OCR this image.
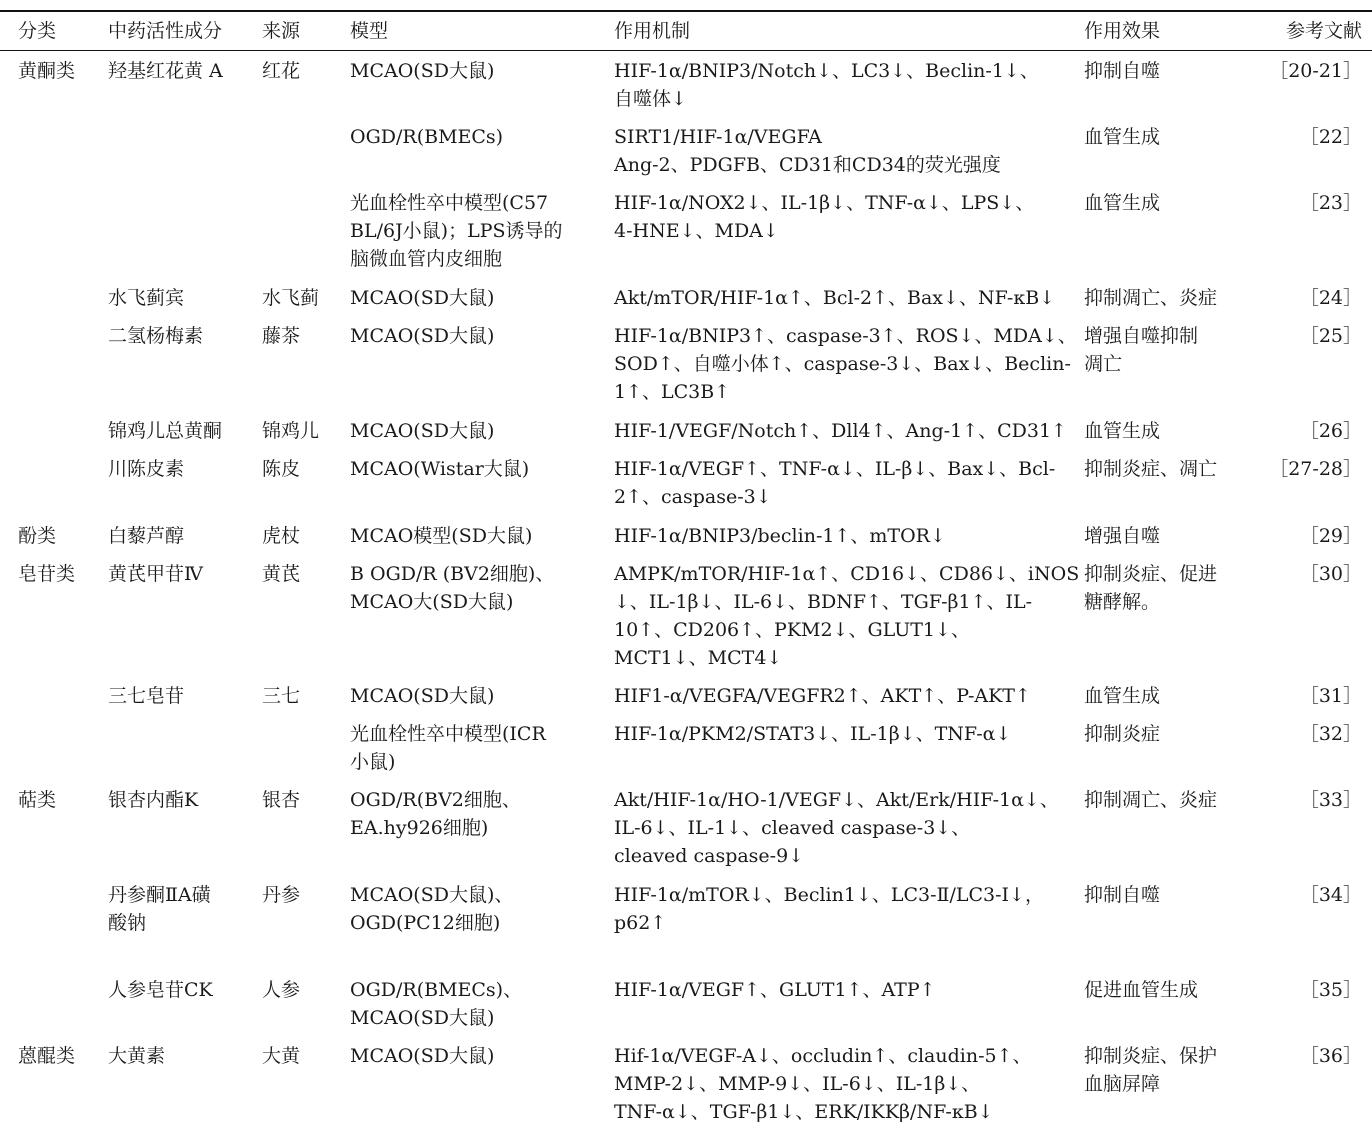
分类	中药活性成分	来源	模型	作用机制	作用效果	参考文献

黄酮类	羟基红花黄 A	红花	MCAO(SD大鼠)	HIF-1α/BNIP3/Notch↓、LC3↓、Beclin-1↓、
自噬体↓	抑制自噬	［20-21］

			OGD/R(BMECs)	SIRT1/HIF-1α/VEGFA
Ang-2、PDGFB、CD31和CD34的荧光强度	血管生成	［22］

			光血栓性卒中模型(C57
BL/6J小鼠)；LPS诱导的
脑微血管内皮细胞	HIF-1α/NOX2↓、IL-1β↓、TNF-α↓、LPS↓、
4-HNE↓、MDA↓	血管生成	［23］

	水飞蓟宾	水飞蓟	MCAO(SD大鼠)	Akt/mTOR/HIF-1α↑、Bcl-2↑、Bax↓、NF-κB↓	抑制凋亡、炎症	［24］

	二氢杨梅素	藤茶	MCAO(SD大鼠)	HIF-1α/BNIP3↑、caspase-3↑、ROS↓、MDA↓、
SOD↑、自噬小体↑、caspase-3↓、Bax↓、Beclin-
1↑、LC3B↑	增强自噬抑制
凋亡	［25］

	锦鸡儿总黄酮	锦鸡儿	MCAO(SD大鼠)	HIF-1/VEGF/Notch↑、Dll4↑、Ang-1↑、CD31↑	血管生成	［26］

	川陈皮素	陈皮	MCAO(Wistar大鼠)	HIF-1α/VEGF↑、TNF-α↓、IL-β↓、Bax↓、Bcl-
2↑、caspase-3↓	抑制炎症、凋亡	［27-28］

酚类	白藜芦醇	虎杖	MCAO模型(SD大鼠)	HIF-1α/BNIP3/beclin-1↑、mTOR↓	增强自噬	［29］

皂苷类	黄芪甲苷Ⅳ	黄芪	B OGD/R (BV2细胞)、
MCAO大(SD大鼠)	AMPK/mTOR/HIF-1α↑、CD16↓、CD86↓、iNOS
↓、IL-1β↓、IL-6↓、BDNF↑、TGF-β1↑、IL-
10↑、CD206↑、PKM2↓、GLUT1↓、
MCT1↓、MCT4↓	抑制炎症、促进
糖酵解。	［30］

	三七皂苷	三七	MCAO(SD大鼠)	HIF1-α/VEGFA/VEGFR2↑、AKT↑、P-AKT↑	血管生成	［31］

			光血栓性卒中模型(ICR
小鼠)	HIF-1α/PKM2/STAT3↓、IL-1β↓、TNF-α↓	抑制炎症	［32］

萜类	银杏内酯K	银杏	OGD/R(BV2细胞、
EA.hy926细胞)	Akt/HIF-1α/HO-1/VEGF↓、Akt/Erk/HIF-1α↓、
IL-6↓、IL-1↓、cleaved caspase-3↓、
cleaved caspase-9↓	抑制凋亡、炎症	［33］

	丹参酮ⅡA磺
酸钠	丹参	MCAO(SD大鼠)、
OGD(PC12细胞)	HIF-1α/mTOR↓、Beclin1↓、LC3-Ⅱ/LC3-Ⅰ↓，
p62↑	抑制自噬	［34］

	人参皂苷CK	人参	OGD/R(BMECs)、
MCAO(SD大鼠)	HIF-1α/VEGF↑、GLUT1↑、ATP↑	促进血管生成	［35］

蒽醌类	大黄素	大黄	MCAO(SD大鼠)	Hif-1α/VEGF-A↓、occludin↑、claudin-5↑、
MMP-2↓、MMP-9↓、IL-6↓、IL-1β↓、
TNF-α↓、TGF-β1↓、ERK/IKKβ/NF-κB↓	抑制炎症、保护
血脑屏障	［36］
